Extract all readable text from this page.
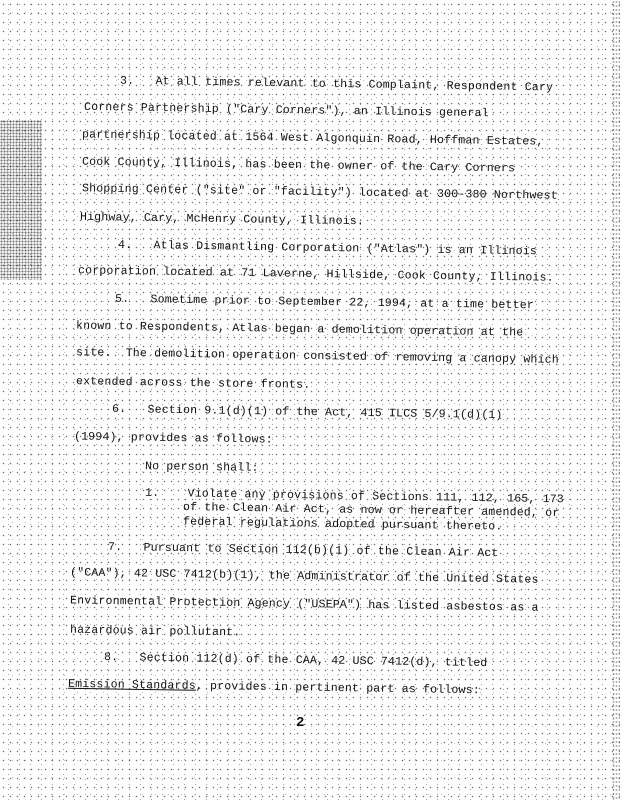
3.   At all times relevant to this Complaint, Respondent Cary
Corners Partnership ("Cary Corners"), an Illinois general
partnership located at 1564 West Algonquin Road, Hoffman Estates,
Cook County, Illinois, has been the owner of the Cary Corners
Shopping Center ("site" or "facility") located at 300-380 Northwest
Highway, Cary, McHenry County, Illinois.
4.   Atlas Dismantling Corporation ("Atlas") is an Illinois
corporation located at 71 Laverne, Hillside, Cook County, Illinois.
5.   Sometime prior to September 22, 1994, at a time better
known to Respondents, Atlas began a demolition operation at the
site.  The demolition operation consisted of removing a canopy which
extended across the store fronts.
6.   Section 9.1(d)(1) of the Act, 415 ILCS 5/9.1(d)(1)
(1994), provides as follows:
No person shall:
1.    Violate any provisions of Sections 111, 112, 165, 173
of the Clean Air Act, as now or hereafter amended, or
federal regulations adopted pursuant thereto.
7.   Pursuant to Section 112(b)(1) of the Clean Air Act
("CAA"), 42 USC 7412(b)(1), the Administrator of the United States
Environmental Protection Agency ("USEPA") has listed asbestos as a
hazardous air pollutant.
8.   Section 112(d) of the CAA, 42 USC 7412(d), titled
Emission Standards, provides in pertinent part as follows:
2
